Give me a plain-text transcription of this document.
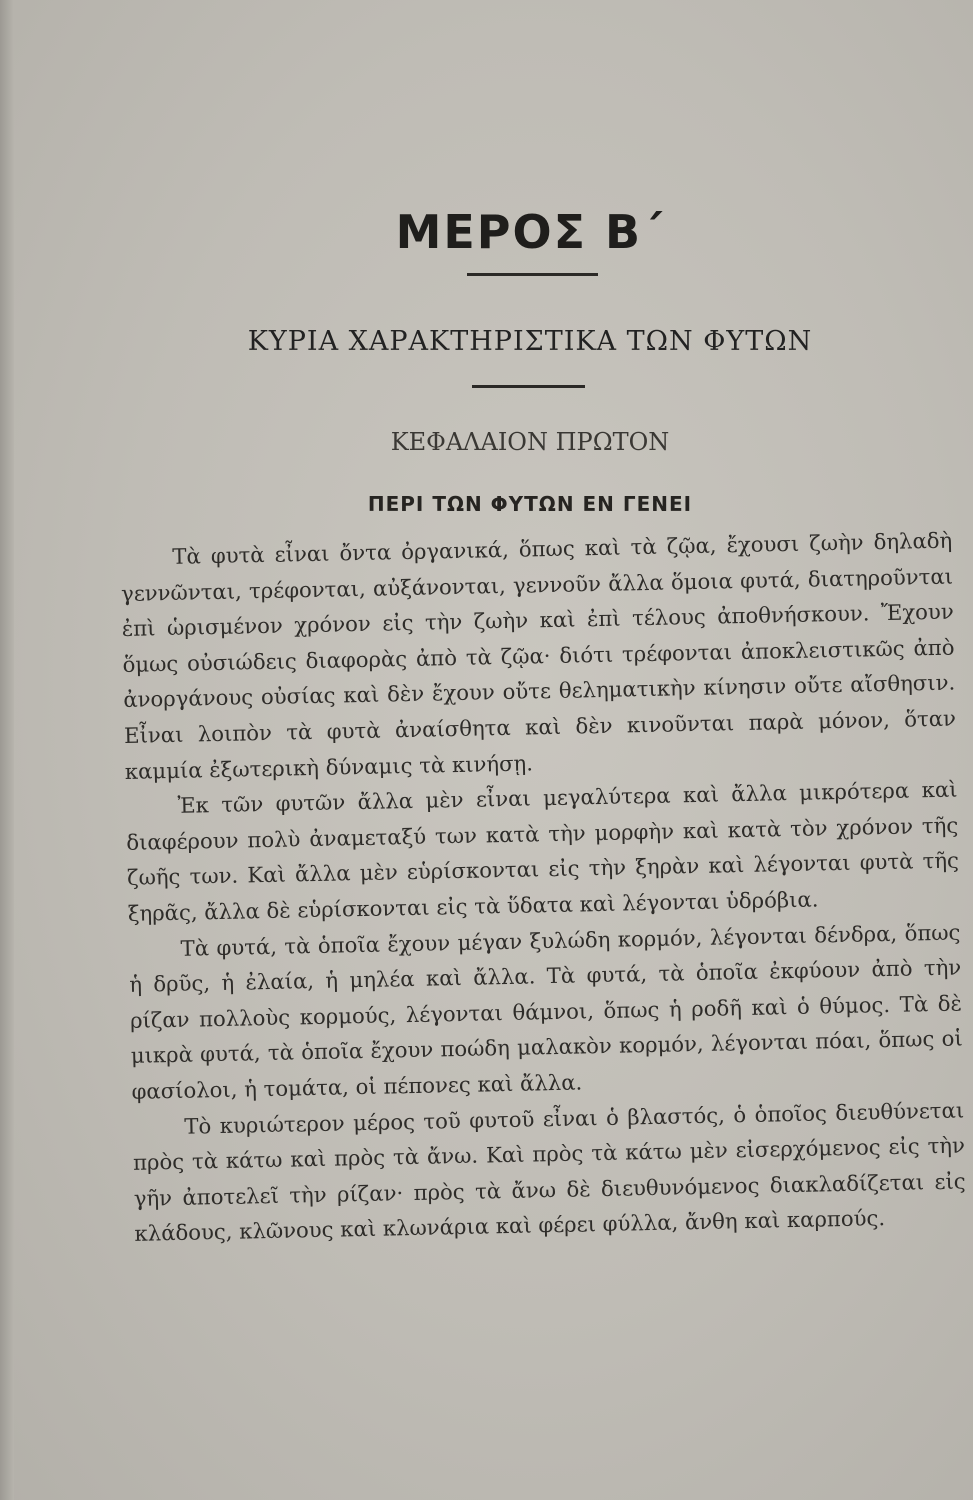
ΜΕΡΟΣ Β΄
ΚΥΡΙΑ ΧΑΡΑΚΤΗΡΙΣΤΙΚΑ ΤΩΝ ΦΥΤΩΝ
ΚΕΦΑΛΑΙΟΝ ΠΡΩΤΟΝ
ΠΕΡΙ ΤΩΝ ΦΥΤΩΝ ΕΝ ΓΕΝΕΙ

Τὰ φυτὰ εἶναι ὄντα ὀργανικά, ὅπως καὶ τὰ ζῷα, ἔχουσι ζωὴν δηλαδὴ γεννῶνται, τρέφονται, αὐξάνονται, γεννοῦν ἄλλα ὅμοια φυτά, διατηροῦνται ἐπὶ ὡρισμένον χρόνον εἰς τὴν ζωὴν καὶ ἐπὶ τέλους ἀποθνήσκουν. Ἔχουν ὅμως οὐσιώδεις διαφορὰς ἀπὸ τὰ ζῷα· διότι τρέφονται ἀποκλειστικῶς ἀπὸ ἀνοργάνους οὐσίας καὶ δὲν ἔχουν οὔτε θεληματικὴν κίνησιν οὔτε αἴσθησιν. Εἶναι λοιπὸν τὰ φυτὰ ἀναίσθητα καὶ δὲν κινοῦνται παρὰ μόνον, ὅταν καμμία ἐξωτερικὴ δύναμις τὰ κινήσῃ.

Ἐκ τῶν φυτῶν ἄλλα μὲν εἶναι μεγαλύτερα καὶ ἄλλα μικρότερα καὶ διαφέρουν πολὺ ἀναμεταξύ των κατὰ τὴν μορφὴν καὶ κατὰ τὸν χρόνον τῆς ζωῆς των. Καὶ ἄλλα μὲν εὑρίσκονται εἰς τὴν ξηρὰν καὶ λέγονται φυτὰ τῆς ξηρᾶς, ἄλλα δὲ εὑρίσκονται εἰς τὰ ὕδατα καὶ λέγονται ὑδρόβια.

Τὰ φυτά, τὰ ὁποῖα ἔχουν μέγαν ξυλώδη κορμόν, λέγονται δένδρα, ὅπως ἡ δρῦς, ἡ ἐλαία, ἡ μηλέα καὶ ἄλλα. Τὰ φυτά, τὰ ὁποῖα ἐκφύουν ἀπὸ τὴν ρίζαν πολλοὺς κορμούς, λέγονται θάμνοι, ὅπως ἡ ροδῆ καὶ ὁ θύμος. Τὰ δὲ μικρὰ φυτά, τὰ ὁποῖα ἔχουν ποώδη μαλακὸν κορμόν, λέγονται πόαι, ὅπως οἱ φασίολοι, ἡ τομάτα, οἱ πέπονες καὶ ἄλλα.

Τὸ κυριώτερον μέρος τοῦ φυτοῦ εἶναι ὁ βλαστός, ὁ ὁποῖος διευθύνεται πρὸς τὰ κάτω καὶ πρὸς τὰ ἄνω. Καὶ πρὸς τὰ κάτω μὲν εἰσερχόμενος εἰς τὴν γῆν ἀποτελεῖ τὴν ρίζαν· πρὸς τὰ ἄνω δὲ διευθυνόμενος διακλαδίζεται εἰς κλάδους, κλῶνους καὶ κλωνάρια καὶ φέρει φύλλα, ἄνθη καὶ καρπούς.
